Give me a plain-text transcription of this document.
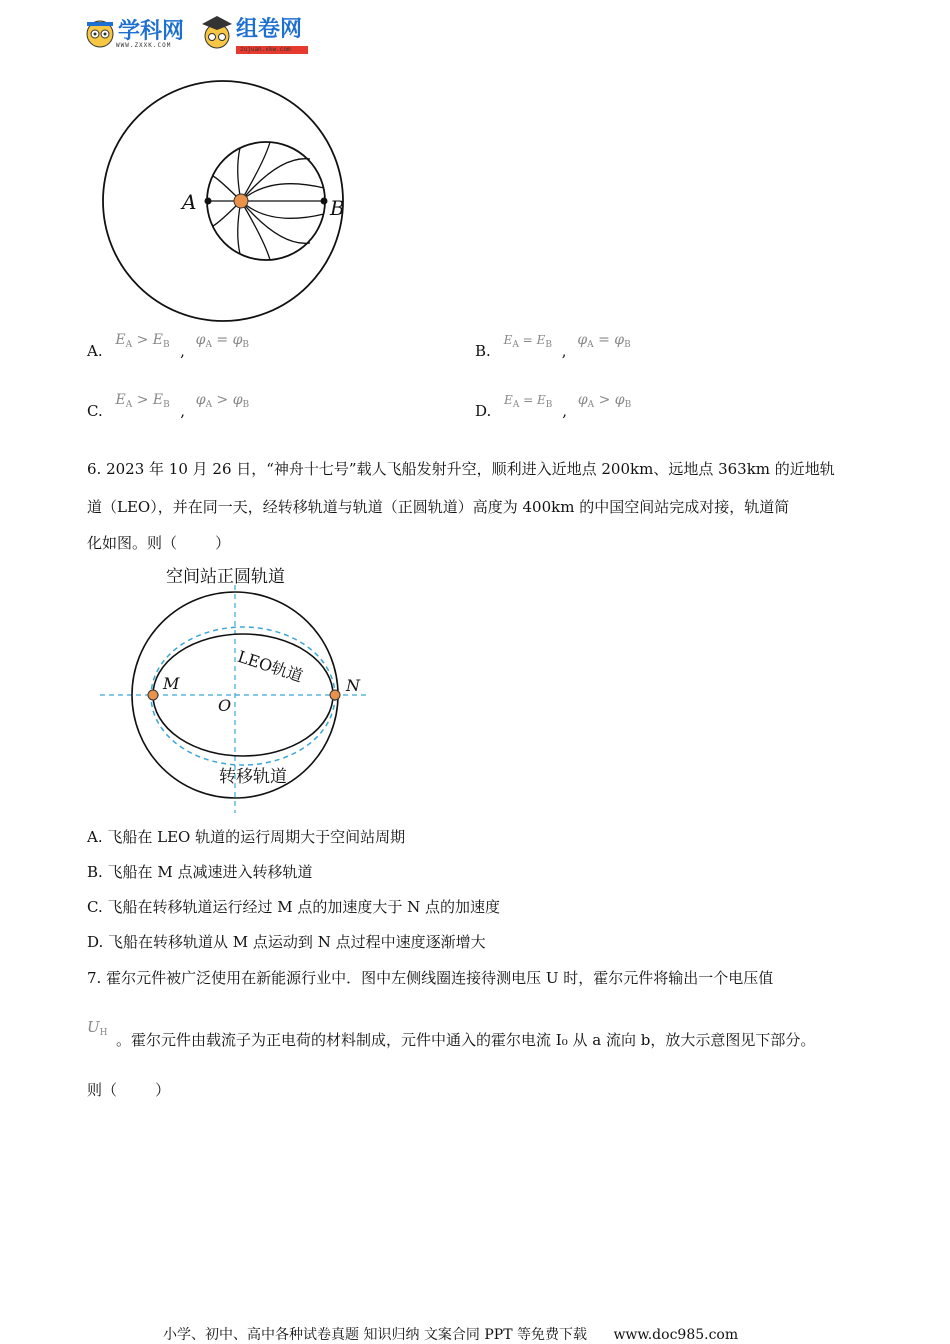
学科网
WWW.ZXXK.COM
组卷网
zujuan.xkw.com
A	B
A. $E_A > E_B$ , $\varphi_A = \varphi_B$	B. $^{E_A = E_B}$ , $\varphi_A = \varphi_B$
C. $E_A > E_B$ , $\varphi_A > \varphi_B$	D. $^{E_A = E_B}$ , $\varphi_A > \varphi_B$
6. 2023 年 10 月 26 日，“神舟十七号”载人飞船发射升空，顺利进入近地点 200km、远地点 363km 的近地轨
道（LEO），并在同一天，经转移轨道与轨道（正圆轨道）高度为 400km 的中国空间站完成对接，轨道简
化如图。则（        ）
空间站正圆轨道
LEO轨道
转移轨道
M	N
O
A. 飞船在 LEO 轨道的运行周期大于空间站周期
B. 飞船在 M 点减速进入转移轨道
C. 飞船在转移轨道运行经过 M 点的加速度大于 N 点的加速度
D. 飞船在转移轨道从 M 点运动到 N 点过程中速度逐渐增大
7. 霍尔元件被广泛使用在新能源行业中．图中左侧线圈连接待测电压 U 时，霍尔元件将输出一个电压值
$U_H$ 。霍尔元件由载流子为正电荷的材料制成，元件中通入的霍尔电流 I₀ 从 a 流向 b，放大示意图见下部分。
则（        ）
小学、初中、高中各种试卷真题 知识归纳 文案合同 PPT 等免费下载 www.doc985.com
